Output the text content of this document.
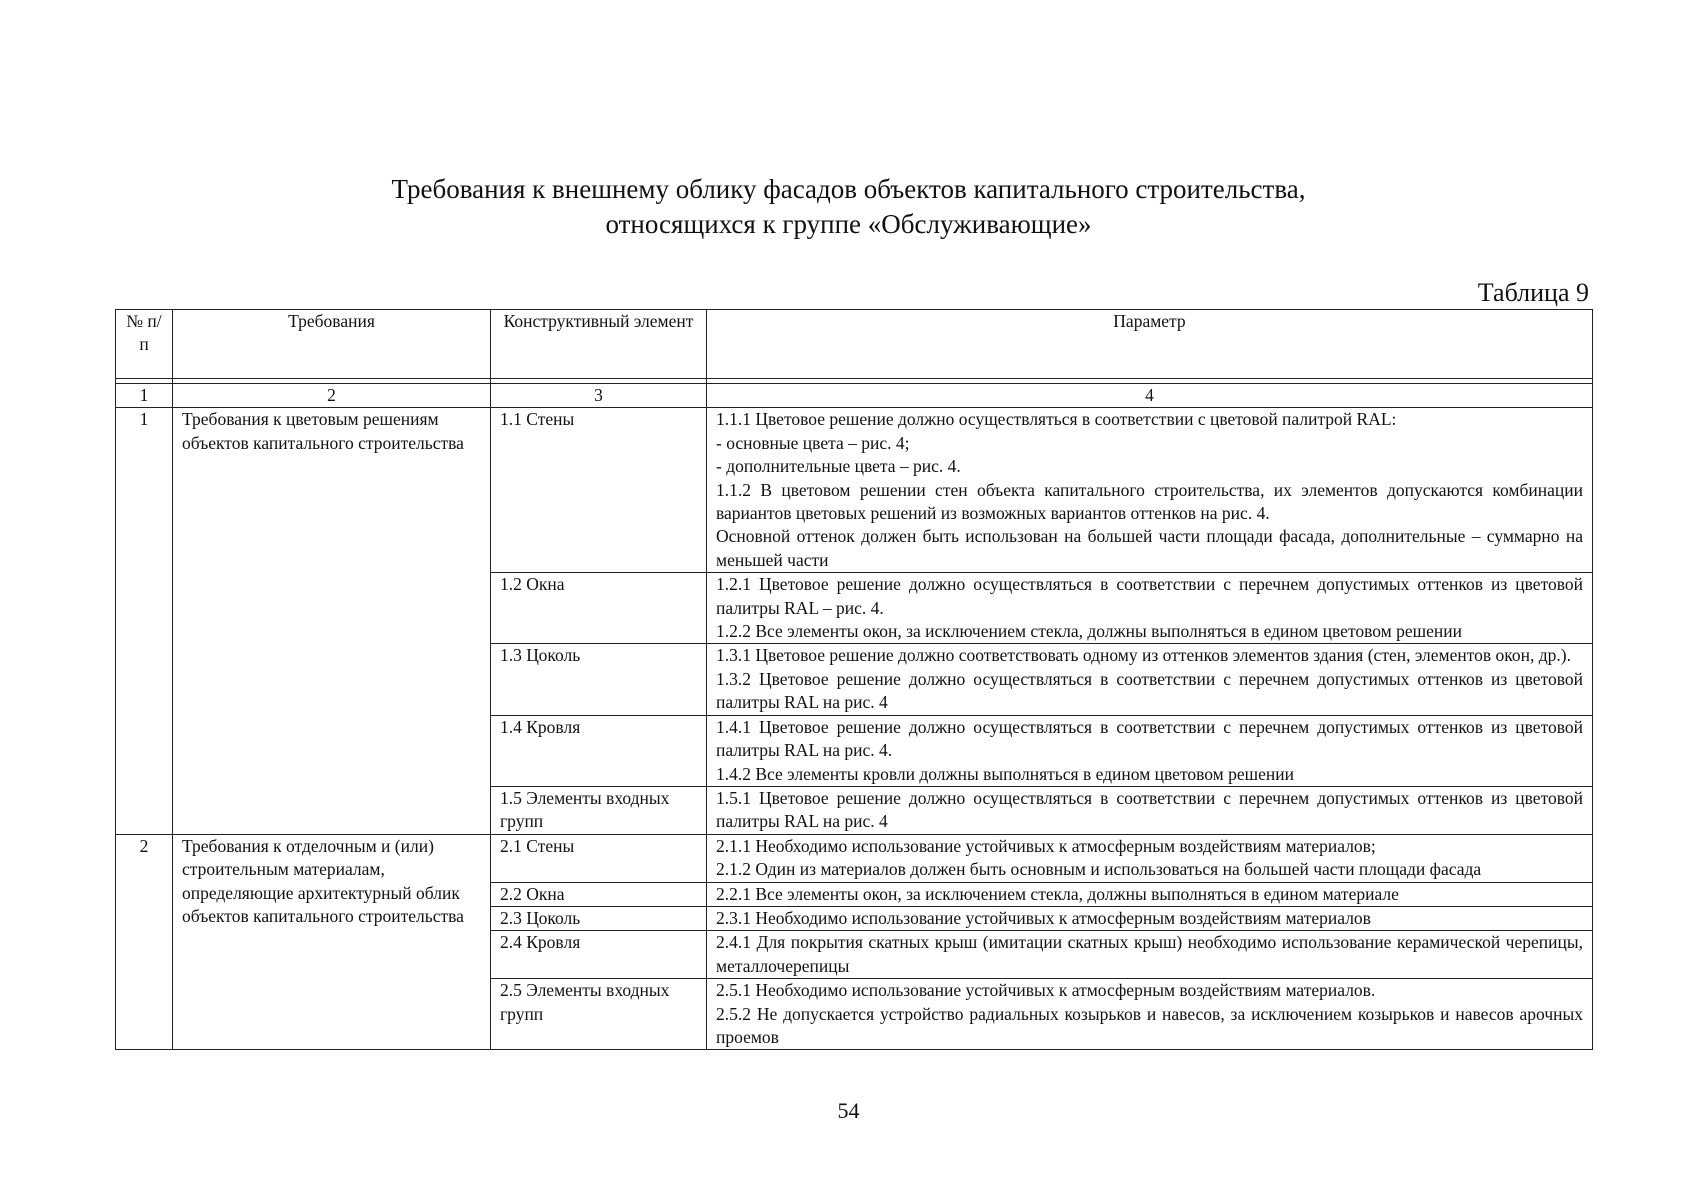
Требования к внешнему облику фасадов объектов капитального строительства,
относящихся к группе «Обслуживающие»
Таблица 9
№ п/п	Требования	Конструктивный элемент	Параметр

1	2	3	4
1	Требования к цветовым решениям объектов капитального строительства	1.1 Стены	1.1.1 Цветовое решение должно осуществляться в соответствии с цветовой палитрой RAL:
- основные цвета – рис. 4;
- дополнительные цвета – рис. 4.
1.1.2 В цветовом решении стен объекта капитального строительства, их элементов допускаются комбинации вариантов цветовых решений из возможных вариантов оттенков на рис. 4.
Основной оттенок должен быть использован на большей части площади фасада, дополнительные – суммарно на меньшей части

		1.2 Окна	1.2.1 Цветовое решение должно осуществляться в соответствии с перечнем допустимых оттенков из цветовой палитры RAL – рис. 4.
1.2.2 Все элементы окон, за исключением стекла, должны выполняться в едином цветовом решении

		1.3 Цоколь	1.3.1 Цветовое решение должно соответствовать одному из оттенков элементов здания (стен, элементов окон, др.).
1.3.2 Цветовое решение должно осуществляться в соответствии с перечнем допустимых оттенков из цветовой палитры RAL на рис. 4

		1.4 Кровля	1.4.1 Цветовое решение должно осуществляться в соответствии с перечнем допустимых оттенков из цветовой палитры RAL на рис. 4.
1.4.2 Все элементы кровли должны выполняться в едином цветовом решении

		1.5 Элементы входных групп	1.5.1 Цветовое решение должно осуществляться в соответствии с перечнем допустимых оттенков из цветовой палитры RAL на рис. 4

2	Требования к отделочным и (или) строительным материалам, определяющие архитектурный облик объектов капитального строительства	2.1 Стены	2.1.1 Необходимо использование устойчивых к атмосферным воздействиям материалов;
2.1.2 Один из материалов должен быть основным и использоваться на большей части площади фасада

		2.2 Окна	2.2.1 Все элементы окон, за исключением стекла, должны выполняться в едином материале

		2.3 Цоколь	2.3.1 Необходимо использование устойчивых к атмосферным воздействиям материалов

		2.4 Кровля	2.4.1 Для покрытия скатных крыш (имитации скатных крыш) необходимо использование керамической черепицы, металлочерепицы

		2.5 Элементы входных групп	2.5.1 Необходимо использование устойчивых к атмосферным воздействиям материалов.
2.5.2 Не допускается устройство радиальных козырьков и навесов, за исключением козырьков и навесов арочных проемов
54
